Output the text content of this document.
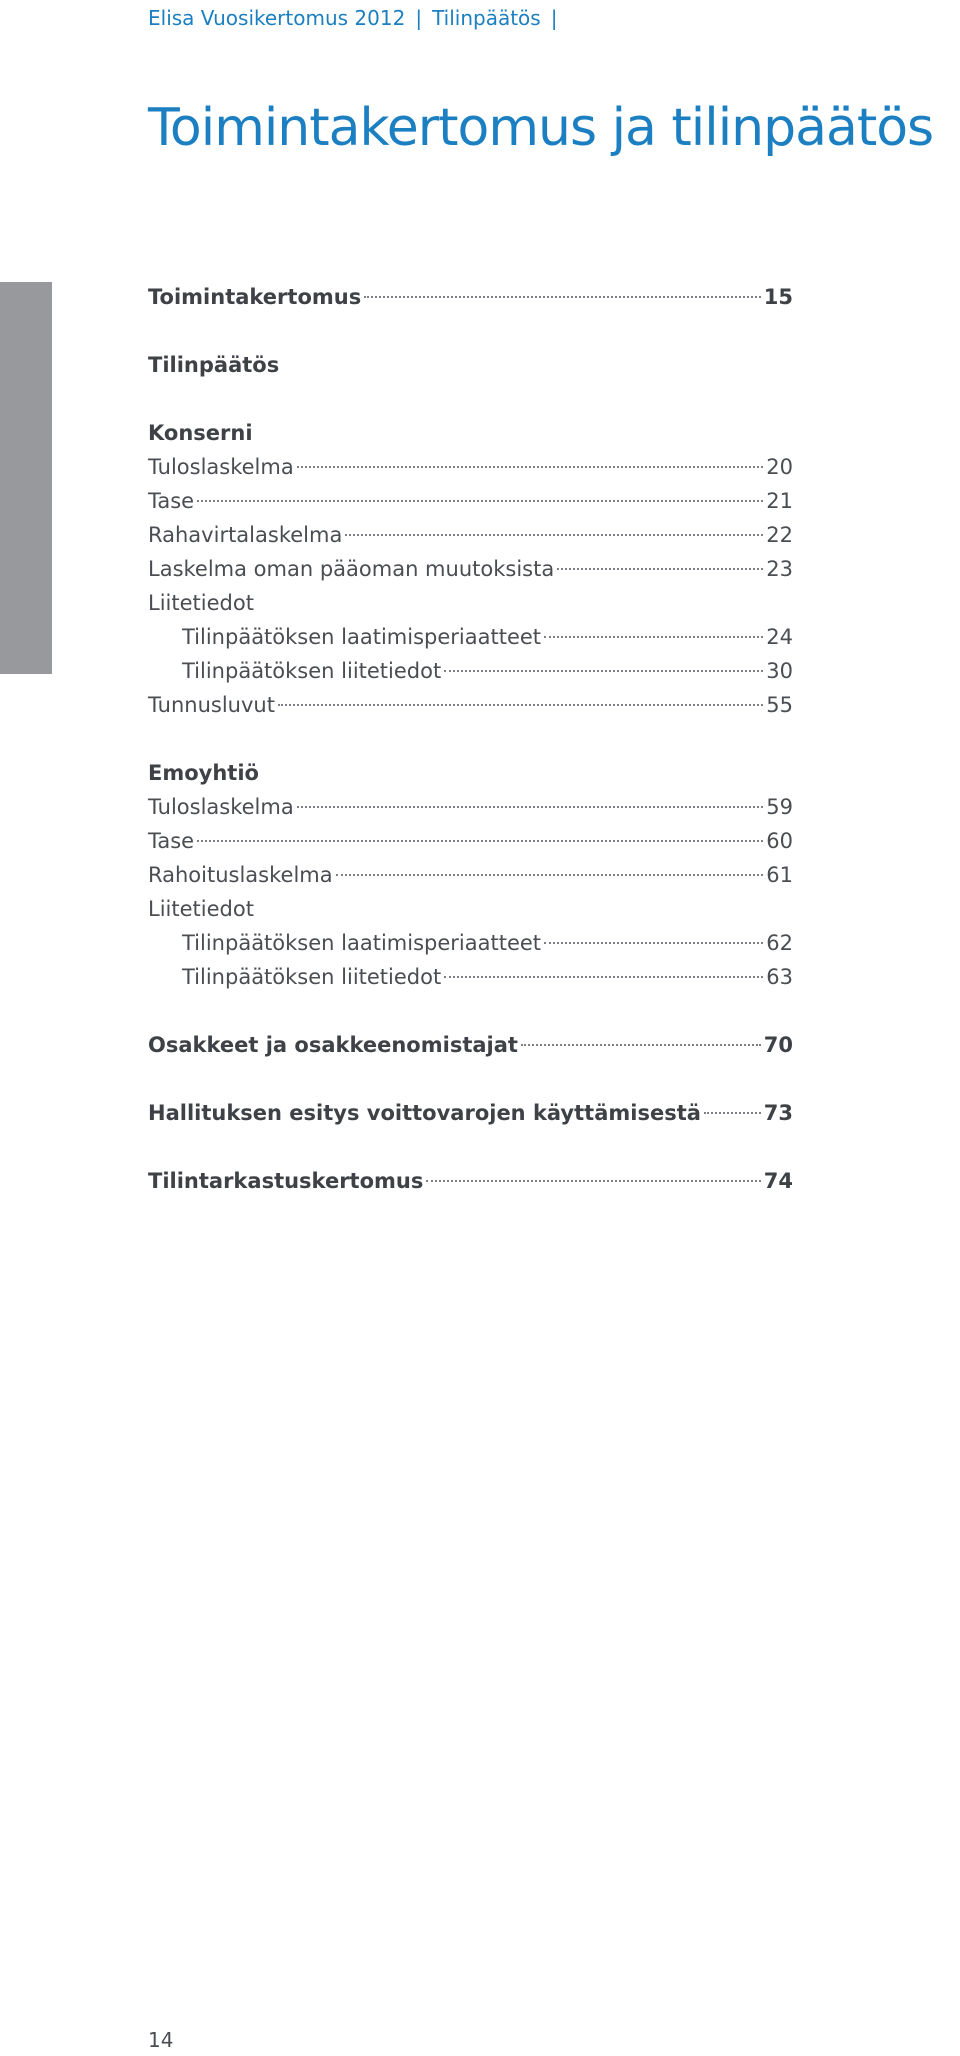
Elisa Vuosikertomus 2012 | Tilinpäätös |
Toimintakertomus ja tilinpäätös
Toimintakertomus	15
Tilinpäätös
Konserni
Tuloslaskelma	20
Tase	21
Rahavirtalaskelma	22
Laskelma oman pääoman muutoksista	23
Liitetiedot
Tilinpäätöksen laatimisperiaatteet	24
Tilinpäätöksen liitetiedot	30
Tunnusluvut	55
Emoyhtiö
Tuloslaskelma	59
Tase	60
Rahoituslaskelma	61
Liitetiedot
Tilinpäätöksen laatimisperiaatteet	62
Tilinpäätöksen liitetiedot	63
Osakkeet ja osakkeenomistajat	70
Hallituksen esitys voittovarojen käyttämisestä	73
Tilintarkastuskertomus	74
14
